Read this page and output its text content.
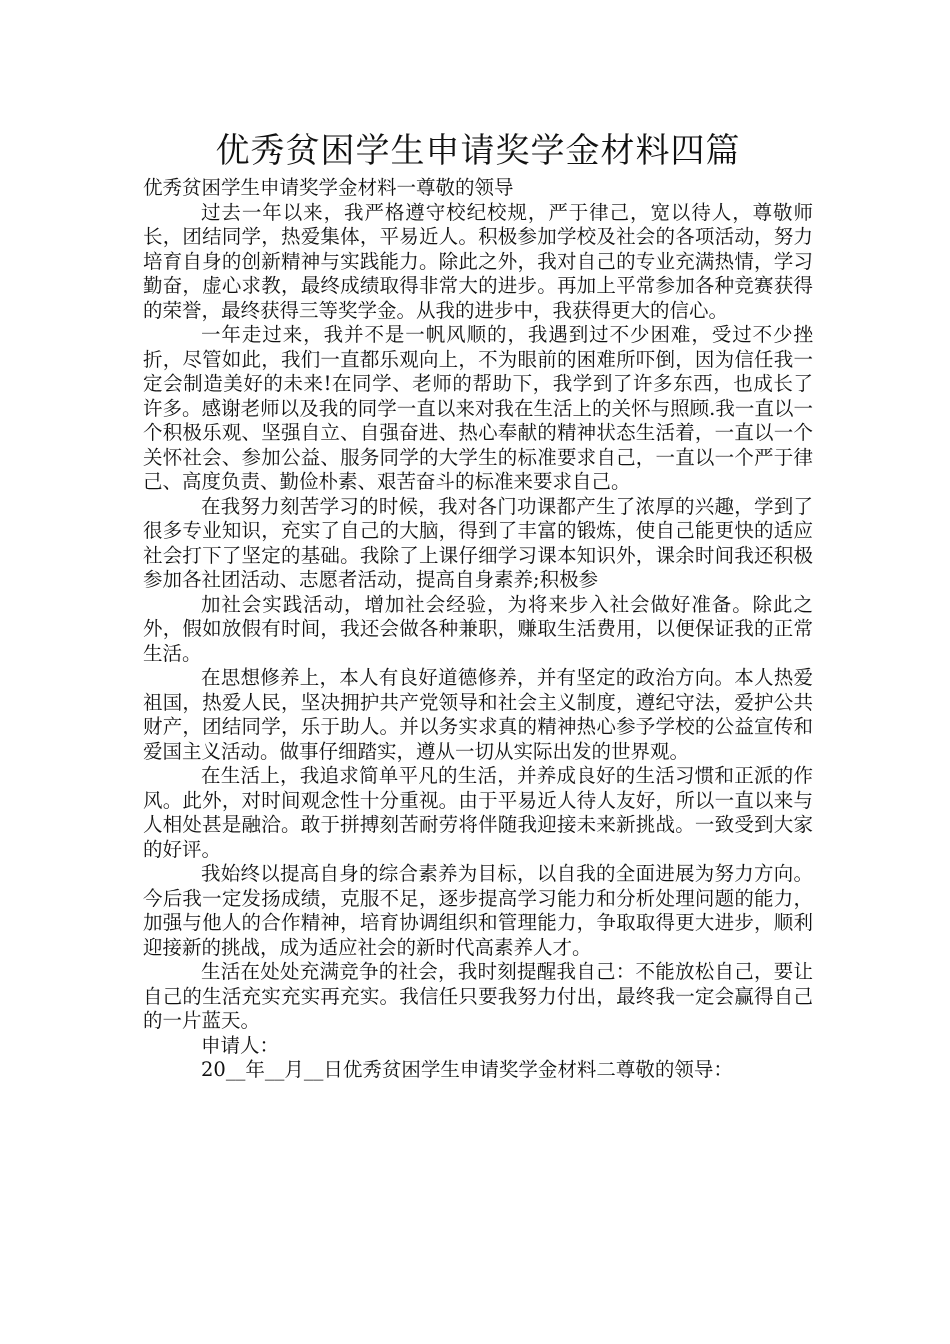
优秀贫困学生申请奖学金材料四篇

优秀贫困学生申请奖学金材料一尊敬的领导

过去一年以来，我严格遵守校纪校规，严于律己，宽以待人，尊敬师长，团结同学，热爱集体，平易近人。积极参加学校及社会的各项活动，努力培育自身的创新精神与实践能力。除此之外，我对自己的专业充满热情，学习勤奋，虚心求教，最终成绩取得非常大的进步。再加上平常参加各种竞赛获得的荣誉，最终获得三等奖学金。从我的进步中，我获得更大的信心。

一年走过来，我并不是一帆风顺的，我遇到过不少困难，受过不少挫折，尽管如此，我们一直都乐观向上，不为眼前的困难所吓倒，因为信任我一定会制造美好的未来!在同学、老师的帮助下，我学到了许多东西，也成长了许多。感谢老师以及我的同学一直以来对我在生活上的关怀与照顾.我一直以一个积极乐观、坚强自立、自强奋进、热心奉献的精神状态生活着，一直以一个关怀社会、参加公益、服务同学的大学生的标准要求自己，一直以一个严于律己、高度负责、勤俭朴素、艰苦奋斗的标准来要求自己。

在我努力刻苦学习的时候，我对各门功课都产生了浓厚的兴趣，学到了很多专业知识，充实了自己的大脑，得到了丰富的锻炼，使自己能更快的适应社会打下了坚定的基础。我除了上课仔细学习课本知识外，课余时间我还积极参加各社团活动、志愿者活动，提高自身素养;积极参

加社会实践活动，增加社会经验，为将来步入社会做好准备。除此之外，假如放假有时间，我还会做各种兼职，赚取生活费用，以便保证我的正常生活。

在思想修养上，本人有良好道德修养，并有坚定的政治方向。本人热爱祖国，热爱人民，坚决拥护共产党领导和社会主义制度，遵纪守法，爱护公共财产，团结同学，乐于助人。并以务实求真的精神热心参予学校的公益宣传和爱国主义活动。做事仔细踏实，遵从一切从实际出发的世界观。

在生活上，我追求简单平凡的生活，并养成良好的生活习惯和正派的作风。此外，对时间观念性十分重视。由于平易近人待人友好，所以一直以来与人相处甚是融洽。敢于拼搏刻苦耐劳将伴随我迎接未来新挑战。一致受到大家的好评。

我始终以提高自身的综合素养为目标，以自我的全面进展为努力方向。今后我一定发扬成绩，克服不足，逐步提高学习能力和分析处理问题的能力，加强与他人的合作精神，培育协调组织和管理能力，争取取得更大进步，顺利迎接新的挑战，成为适应社会的新时代高素养人才。

生活在处处充满竞争的社会，我时刻提醒我自己：不能放松自己，要让自己的生活充实充实再充实。我信任只要我努力付出，最终我一定会赢得自己的一片蓝天。

申请人：

20__年__月__日优秀贫困学生申请奖学金材料二尊敬的领导：
